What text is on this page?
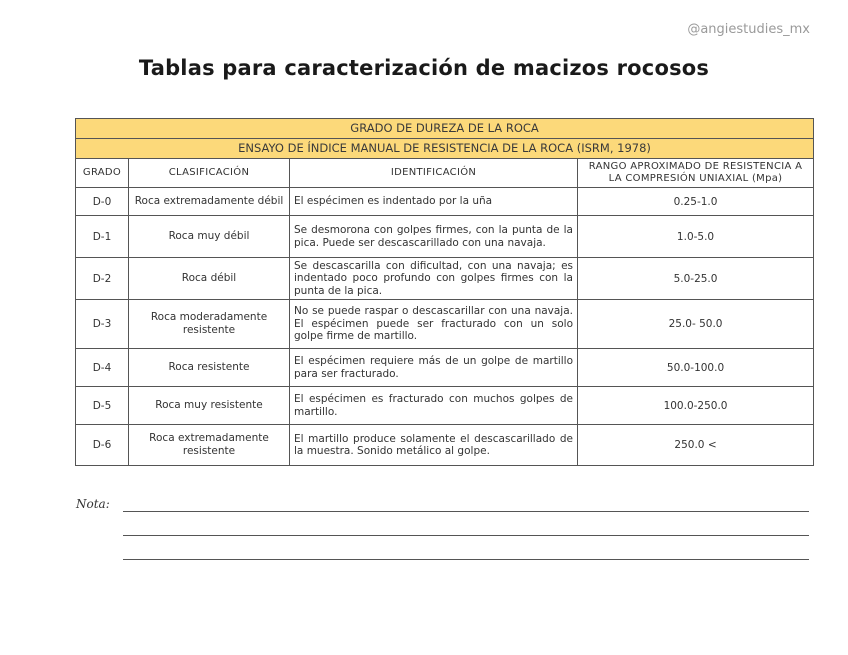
@angiestudies_mx
Tablas para caracterización de macizos rocosos
GRADO DE DUREZA DE LA ROCA			
ENSAYO DE ÍNDICE MANUAL DE RESISTENCIA DE LA ROCA (ISRM, 1978)			
GRADO	CLASIFICACIÓN	IDENTIFICACIÓN	RANGO APROXIMADO DE RESISTENCIA A LA COMPRESIÓN UNIAXIAL (Mpa)
D-0	Roca extremadamente débil	El espécimen es indentado por la uña	0.25-1.0
D-1	Roca muy débil	Se desmorona con golpes firmes, con la punta de la pica. Puede ser descascarillado con una navaja.	1.0-5.0
D-2	Roca débil	Se descascarilla con dificultad, con una navaja; es indentado poco profundo con golpes firmes con la punta de la pica.	5.0-25.0
D-3	Roca moderadamente resistente	No se puede raspar o descascarillar con una navaja. El espécimen puede ser fracturado con un solo golpe firme de martillo.	25.0- 50.0
D-4	Roca resistente	El espécimen requiere más de un golpe de martillo para ser fracturado.	50.0-100.0
D-5	Roca muy resistente	El espécimen es fracturado con muchos golpes de martillo.	100.0-250.0
D-6	Roca extremadamente resistente	El martillo produce solamente el descascarillado de la muestra. Sonido metálico al golpe.	250.0 <
Nota:
